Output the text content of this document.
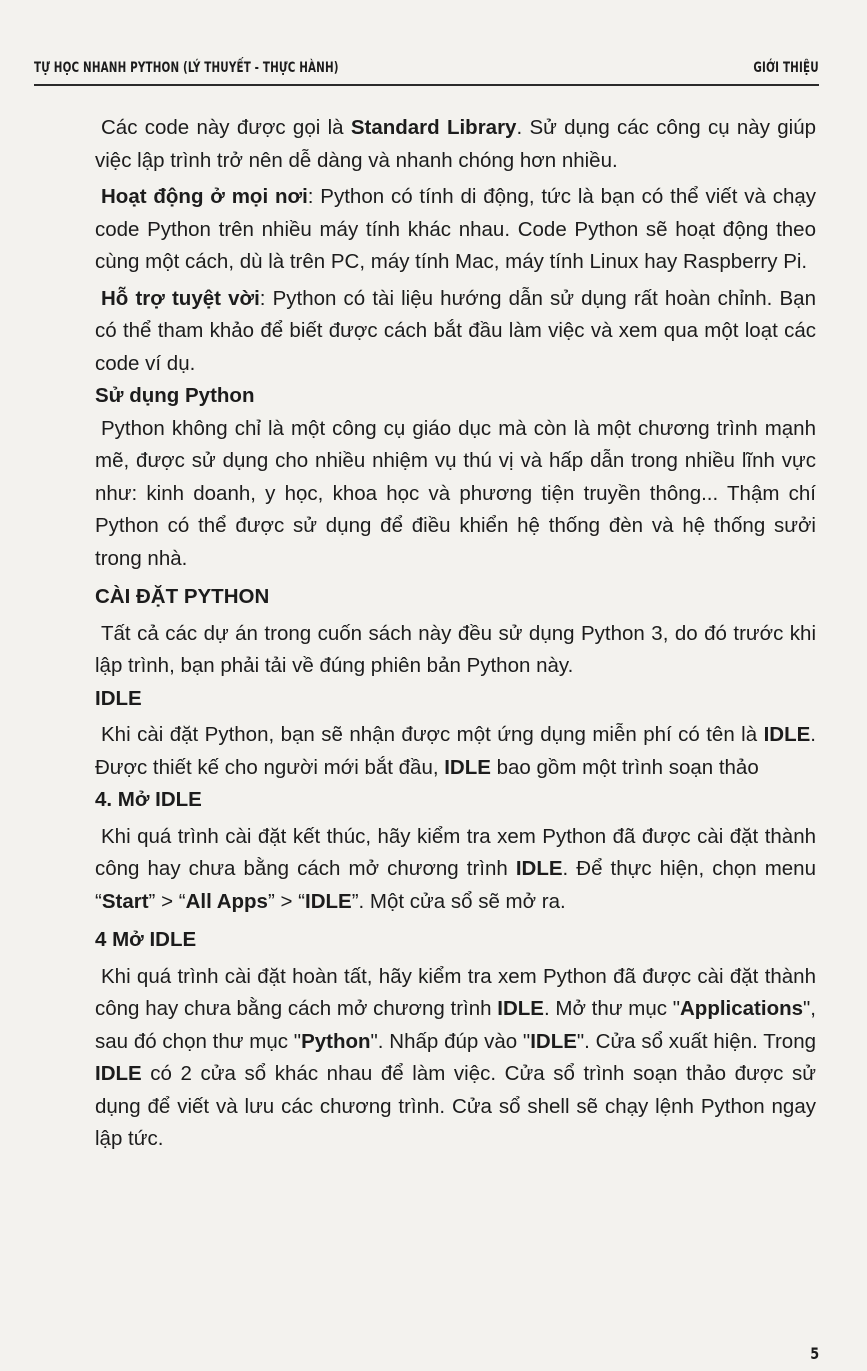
TỰ HỌC NHANH PYTHON (LÝ THUYẾT - THỰC HÀNH)	GIỚI THIỆU

Các code này được gọi là Standard Library. Sử dụng các công cụ này giúp việc lập trình trở nên dễ dàng và nhanh chóng hơn nhiều.

Hoạt động ở mọi nơi: Python có tính di động, tức là bạn có thể viết và chạy code Python trên nhiều máy tính khác nhau. Code Python sẽ hoạt động theo cùng một cách, dù là trên PC, máy tính Mac, máy tính Linux hay Raspberry Pi.

Hỗ trợ tuyệt vời: Python có tài liệu hướng dẫn sử dụng rất hoàn chỉnh. Bạn có thể tham khảo để biết được cách bắt đầu làm việc và xem qua một loạt các code ví dụ.

Sử dụng Python

Python không chỉ là một công cụ giáo dục mà còn là một chương trình mạnh mẽ, được sử dụng cho nhiều nhiệm vụ thú vị và hấp dẫn trong nhiều lĩnh vực như: kinh doanh, y học, khoa học và phương tiện truyền thông... Thậm chí Python có thể được sử dụng để điều khiển hệ thống đèn và hệ thống sưởi trong nhà.

CÀI ĐẶT PYTHON

Tất cả các dự án trong cuốn sách này đều sử dụng Python 3, do đó trước khi lập trình, bạn phải tải về đúng phiên bản Python này.

IDLE

Khi cài đặt Python, bạn sẽ nhận được một ứng dụng miễn phí có tên là IDLE. Được thiết kế cho người mới bắt đầu, IDLE bao gồm một trình soạn thảo

4. Mở IDLE

Khi quá trình cài đặt kết thúc, hãy kiểm tra xem Python đã được cài đặt thành công hay chưa bằng cách mở chương trình IDLE. Để thực hiện, chọn menu “Start” > “All Apps” > “IDLE”. Một cửa sổ sẽ mở ra.

4 Mở IDLE

Khi quá trình cài đặt hoàn tất, hãy kiểm tra xem Python đã được cài đặt thành công hay chưa bằng cách mở chương trình IDLE. Mở thư mục "Applications", sau đó chọn thư mục "Python". Nhấp đúp vào "IDLE". Cửa sổ xuất hiện. Trong IDLE có 2 cửa sổ khác nhau để làm việc. Cửa sổ trình soạn thảo được sử dụng để viết và lưu các chương trình. Cửa sổ shell sẽ chạy lệnh Python ngay lập tức.

5
